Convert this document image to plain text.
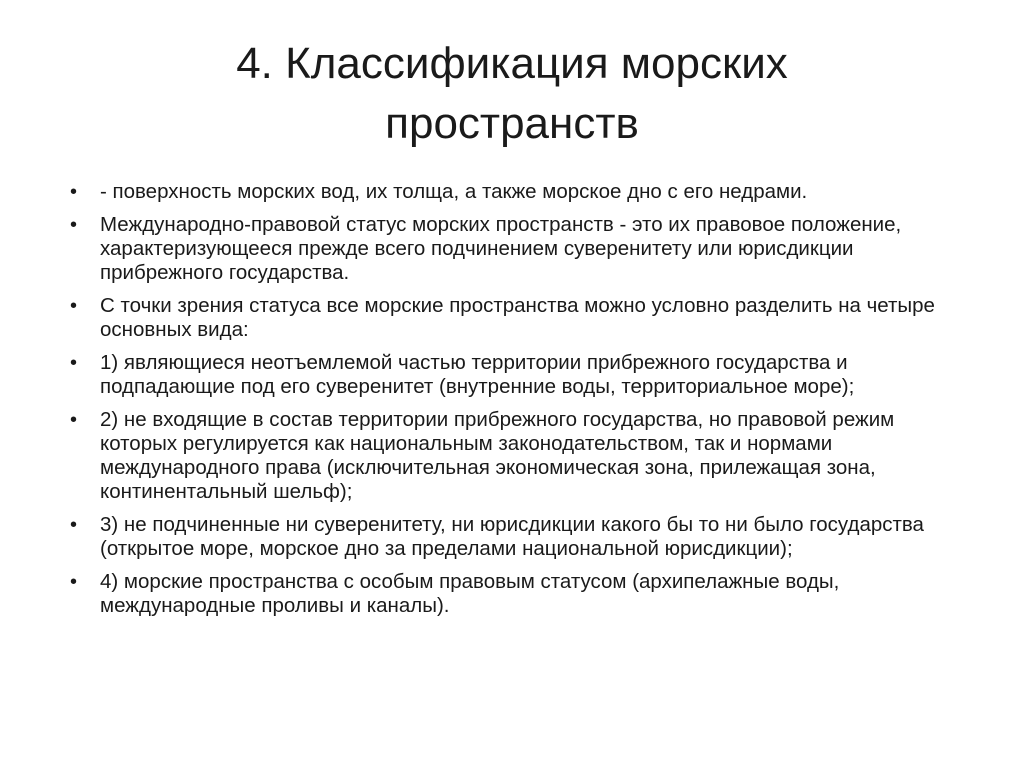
4. Классификация морских
пространств
•	- поверхность морских вод, их толща, а также морское дно с его недрами.
•	Международно-правовой статус морских пространств - это их правовое положение, характеризующееся прежде всего подчинением суверенитету или юрисдикции прибрежного государства.
•	С точки зрения статуса все морские пространства можно условно разделить на четыре основных вида:
•	1) являющиеся неотъемлемой частью территории прибрежного государства и подпадающие под его суверенитет (внутренние воды, территориальное море);
•	2) не входящие в состав территории прибрежного государства, но правовой режим которых регулируется как национальным законодательством, так и нормами международного права (исключительная экономическая зона, прилежащая зона, континентальный шельф);
•	3) не подчиненные ни суверенитету, ни юрисдикции какого бы то ни было государства (открытое море, морское дно за пределами национальной юрисдикции);
•	4) морские пространства с особым правовым статусом (архипелажные воды, международные проливы и каналы).
